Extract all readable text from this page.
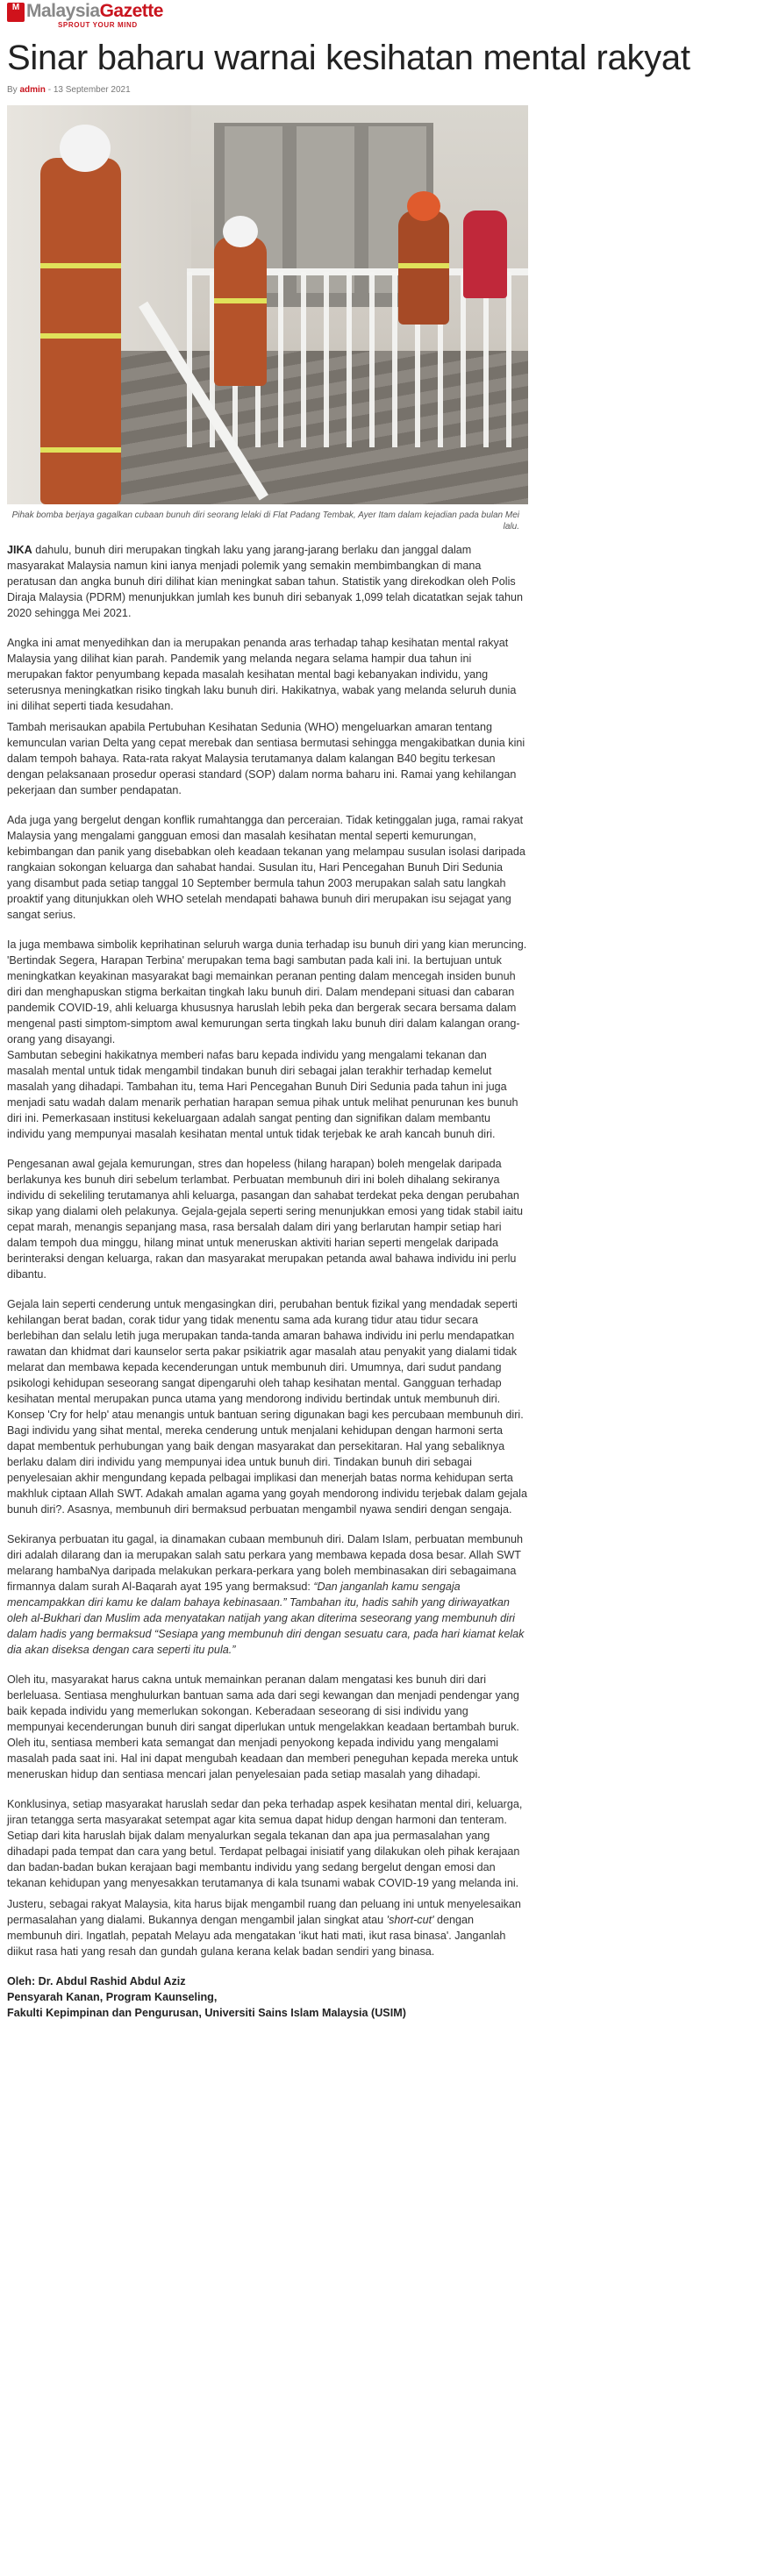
M MalaysiaGazette
SPROUT YOUR MIND
Sinar baharu warnai kesihatan mental rakyat
By admin - 13 September 2021
Pihak bomba berjaya gagalkan cubaan bunuh diri seorang lelaki di Flat Padang Tembak, Ayer Itam dalam kejadian pada bulan Mei lalu.

JIKA dahulu, bunuh diri merupakan tingkah laku yang jarang-jarang berlaku dan janggal dalam masyarakat Malaysia namun kini ianya menjadi polemik yang semakin membimbangkan di mana peratusan dan angka bunuh diri dilihat kian meningkat saban tahun. Statistik yang direkodkan oleh Polis Diraja Malaysia (PDRM) menunjukkan jumlah kes bunuh diri sebanyak 1,099 telah dicatatkan sejak tahun 2020 sehingga Mei 2021.

Angka ini amat menyedihkan dan ia merupakan penanda aras terhadap tahap kesihatan mental rakyat Malaysia yang dilihat kian parah. Pandemik yang melanda negara selama hampir dua tahun ini merupakan faktor penyumbang kepada masalah kesihatan mental bagi kebanyakan individu, yang seterusnya meningkatkan risiko tingkah laku bunuh diri. Hakikatnya, wabak yang melanda seluruh dunia ini dilihat seperti tiada kesudahan.

Tambah merisaukan apabila Pertubuhan Kesihatan Sedunia (WHO) mengeluarkan amaran tentang kemunculan varian Delta yang cepat merebak dan sentiasa bermutasi sehingga mengakibatkan dunia kini dalam tempoh bahaya. Rata-rata rakyat Malaysia terutamanya dalam kalangan B40 begitu terkesan dengan pelaksanaan prosedur operasi standard (SOP) dalam norma baharu ini. Ramai yang kehilangan pekerjaan dan sumber pendapatan.

Ada juga yang bergelut dengan konflik rumahtangga dan perceraian. Tidak ketinggalan juga, ramai rakyat Malaysia yang mengalami gangguan emosi dan masalah kesihatan mental seperti kemurungan, kebimbangan dan panik yang disebabkan oleh keadaan tekanan yang melampau susulan isolasi daripada rangkaian sokongan keluarga dan sahabat handai. Susulan itu, Hari Pencegahan Bunuh Diri Sedunia yang disambut pada setiap tanggal 10 September bermula tahun 2003 merupakan salah satu langkah proaktif yang ditunjukkan oleh WHO setelah mendapati bahawa bunuh diri merupakan isu sejagat yang sangat serius.

Ia juga membawa simbolik keprihatinan seluruh warga dunia terhadap isu bunuh diri yang kian meruncing. 'Bertindak Segera, Harapan Terbina' merupakan tema bagi sambutan pada kali ini. Ia bertujuan untuk meningkatkan keyakinan masyarakat bagi memainkan peranan penting dalam mencegah insiden bunuh diri dan menghapuskan stigma berkaitan tingkah laku bunuh diri. Dalam mendepani situasi dan cabaran pandemik COVID-19, ahli keluarga khususnya haruslah lebih peka dan bergerak secara bersama dalam mengenal pasti simptom-simptom awal kemurungan serta tingkah laku bunuh diri dalam kalangan orang-orang yang disayangi.

Sambutan sebegini hakikatnya memberi nafas baru kepada individu yang mengalami tekanan dan masalah mental untuk tidak mengambil tindakan bunuh diri sebagai jalan terakhir terhadap kemelut masalah yang dihadapi. Tambahan itu, tema Hari Pencegahan Bunuh Diri Sedunia pada tahun ini juga menjadi satu wadah dalam menarik perhatian harapan semua pihak untuk melihat penurunan kes bunuh diri ini. Pemerkasaan institusi kekeluargaan adalah sangat penting dan signifikan dalam membantu individu yang mempunyai masalah kesihatan mental untuk tidak terjebak ke arah kancah bunuh diri.

Pengesanan awal gejala kemurungan, stres dan hopeless (hilang harapan) boleh mengelak daripada berlakunya kes bunuh diri sebelum terlambat. Perbuatan membunuh diri ini boleh dihalang sekiranya individu di sekeliling terutamanya ahli keluarga, pasangan dan sahabat terdekat peka dengan perubahan sikap yang dialami oleh pelakunya. Gejala-gejala seperti sering menunjukkan emosi yang tidak stabil iaitu cepat marah, menangis sepanjang masa, rasa bersalah dalam diri yang berlarutan hampir setiap hari dalam tempoh dua minggu, hilang minat untuk meneruskan aktiviti harian seperti mengelak daripada berinteraksi dengan keluarga, rakan dan masyarakat merupakan petanda awal bahawa individu ini perlu dibantu.

Gejala lain seperti cenderung untuk mengasingkan diri, perubahan bentuk fizikal yang mendadak seperti kehilangan berat badan, corak tidur yang tidak menentu sama ada kurang tidur atau tidur secara berlebihan dan selalu letih juga merupakan tanda-tanda amaran bahawa individu ini perlu mendapatkan rawatan dan khidmat dari kaunselor serta pakar psikiatrik agar masalah atau penyakit yang dialami tidak melarat dan membawa kepada kecenderungan untuk membunuh diri. Umumnya, dari sudut pandang psikologi kehidupan seseorang sangat dipengaruhi oleh tahap kesihatan mental. Gangguan terhadap kesihatan mental merupakan punca utama yang mendorong individu bertindak untuk membunuh diri. Konsep 'Cry for help' atau menangis untuk bantuan sering digunakan bagi kes percubaan membunuh diri. Bagi individu yang sihat mental, mereka cenderung untuk menjalani kehidupan dengan harmoni serta dapat membentuk perhubungan yang baik dengan masyarakat dan persekitaran. Hal yang sebaliknya berlaku dalam diri individu yang mempunyai idea untuk bunuh diri. Tindakan bunuh diri sebagai penyelesaian akhir mengundang kepada pelbagai implikasi dan menerjah batas norma kehidupan serta makhluk ciptaan Allah SWT. Adakah amalan agama yang goyah mendorong individu terjebak dalam gejala bunuh diri?. Asasnya, membunuh diri bermaksud perbuatan mengambil nyawa sendiri dengan sengaja.

Sekiranya perbuatan itu gagal, ia dinamakan cubaan membunuh diri. Dalam Islam, perbuatan membunuh diri adalah dilarang dan ia merupakan salah satu perkara yang membawa kepada dosa besar. Allah SWT melarang hambaNya daripada melakukan perkara-perkara yang boleh membinasakan diri sebagaimana firmannya dalam surah Al-Baqarah ayat 195 yang bermaksud: “Dan janganlah kamu sengaja mencampakkan diri kamu ke dalam bahaya kebinasaan.” Tambahan itu, hadis sahih yang diriwayatkan oleh al-Bukhari dan Muslim ada menyatakan natijah yang akan diterima seseorang yang membunuh diri dalam hadis yang bermaksud “Sesiapa yang membunuh diri dengan sesuatu cara, pada hari kiamat kelak dia akan diseksa dengan cara seperti itu pula.”

Oleh itu, masyarakat harus cakna untuk memainkan peranan dalam mengatasi kes bunuh diri dari berleluasa. Sentiasa menghulurkan bantuan sama ada dari segi kewangan dan menjadi pendengar yang baik kepada individu yang memerlukan sokongan. Keberadaan seseorang di sisi individu yang mempunyai kecenderungan bunuh diri sangat diperlukan untuk mengelakkan keadaan bertambah buruk. Oleh itu, sentiasa memberi kata semangat dan menjadi penyokong kepada individu yang mengalami masalah pada saat ini. Hal ini dapat mengubah keadaan dan memberi peneguhan kepada mereka untuk meneruskan hidup dan sentiasa mencari jalan penyelesaian pada setiap masalah yang dihadapi.

Konklusinya, setiap masyarakat haruslah sedar dan peka terhadap aspek kesihatan mental diri, keluarga, jiran tetangga serta masyarakat setempat agar kita semua dapat hidup dengan harmoni dan tenteram. Setiap dari kita haruslah bijak dalam menyalurkan segala tekanan dan apa jua permasalahan yang dihadapi pada tempat dan cara yang betul. Terdapat pelbagai inisiatif yang dilakukan oleh pihak kerajaan dan badan-badan bukan kerajaan bagi membantu individu yang sedang bergelut dengan emosi dan tekanan kehidupan yang menyesakkan terutamanya di kala tsunami wabak COVID-19 yang melanda ini.

Justeru, sebagai rakyat Malaysia, kita harus bijak mengambil ruang dan peluang ini untuk menyelesaikan permasalahan yang dialami. Bukannya dengan mengambil jalan singkat atau 'short-cut' dengan membunuh diri. Ingatlah, pepatah Melayu ada mengatakan 'ikut hati mati, ikut rasa binasa'. Janganlah diikut rasa hati yang resah dan gundah gulana kerana kelak badan sendiri yang binasa.

Oleh: Dr. Abdul Rashid Abdul Aziz
Pensyarah Kanan, Program Kaunseling,
Fakulti Kepimpinan dan Pengurusan, Universiti Sains Islam Malaysia (USIM)
